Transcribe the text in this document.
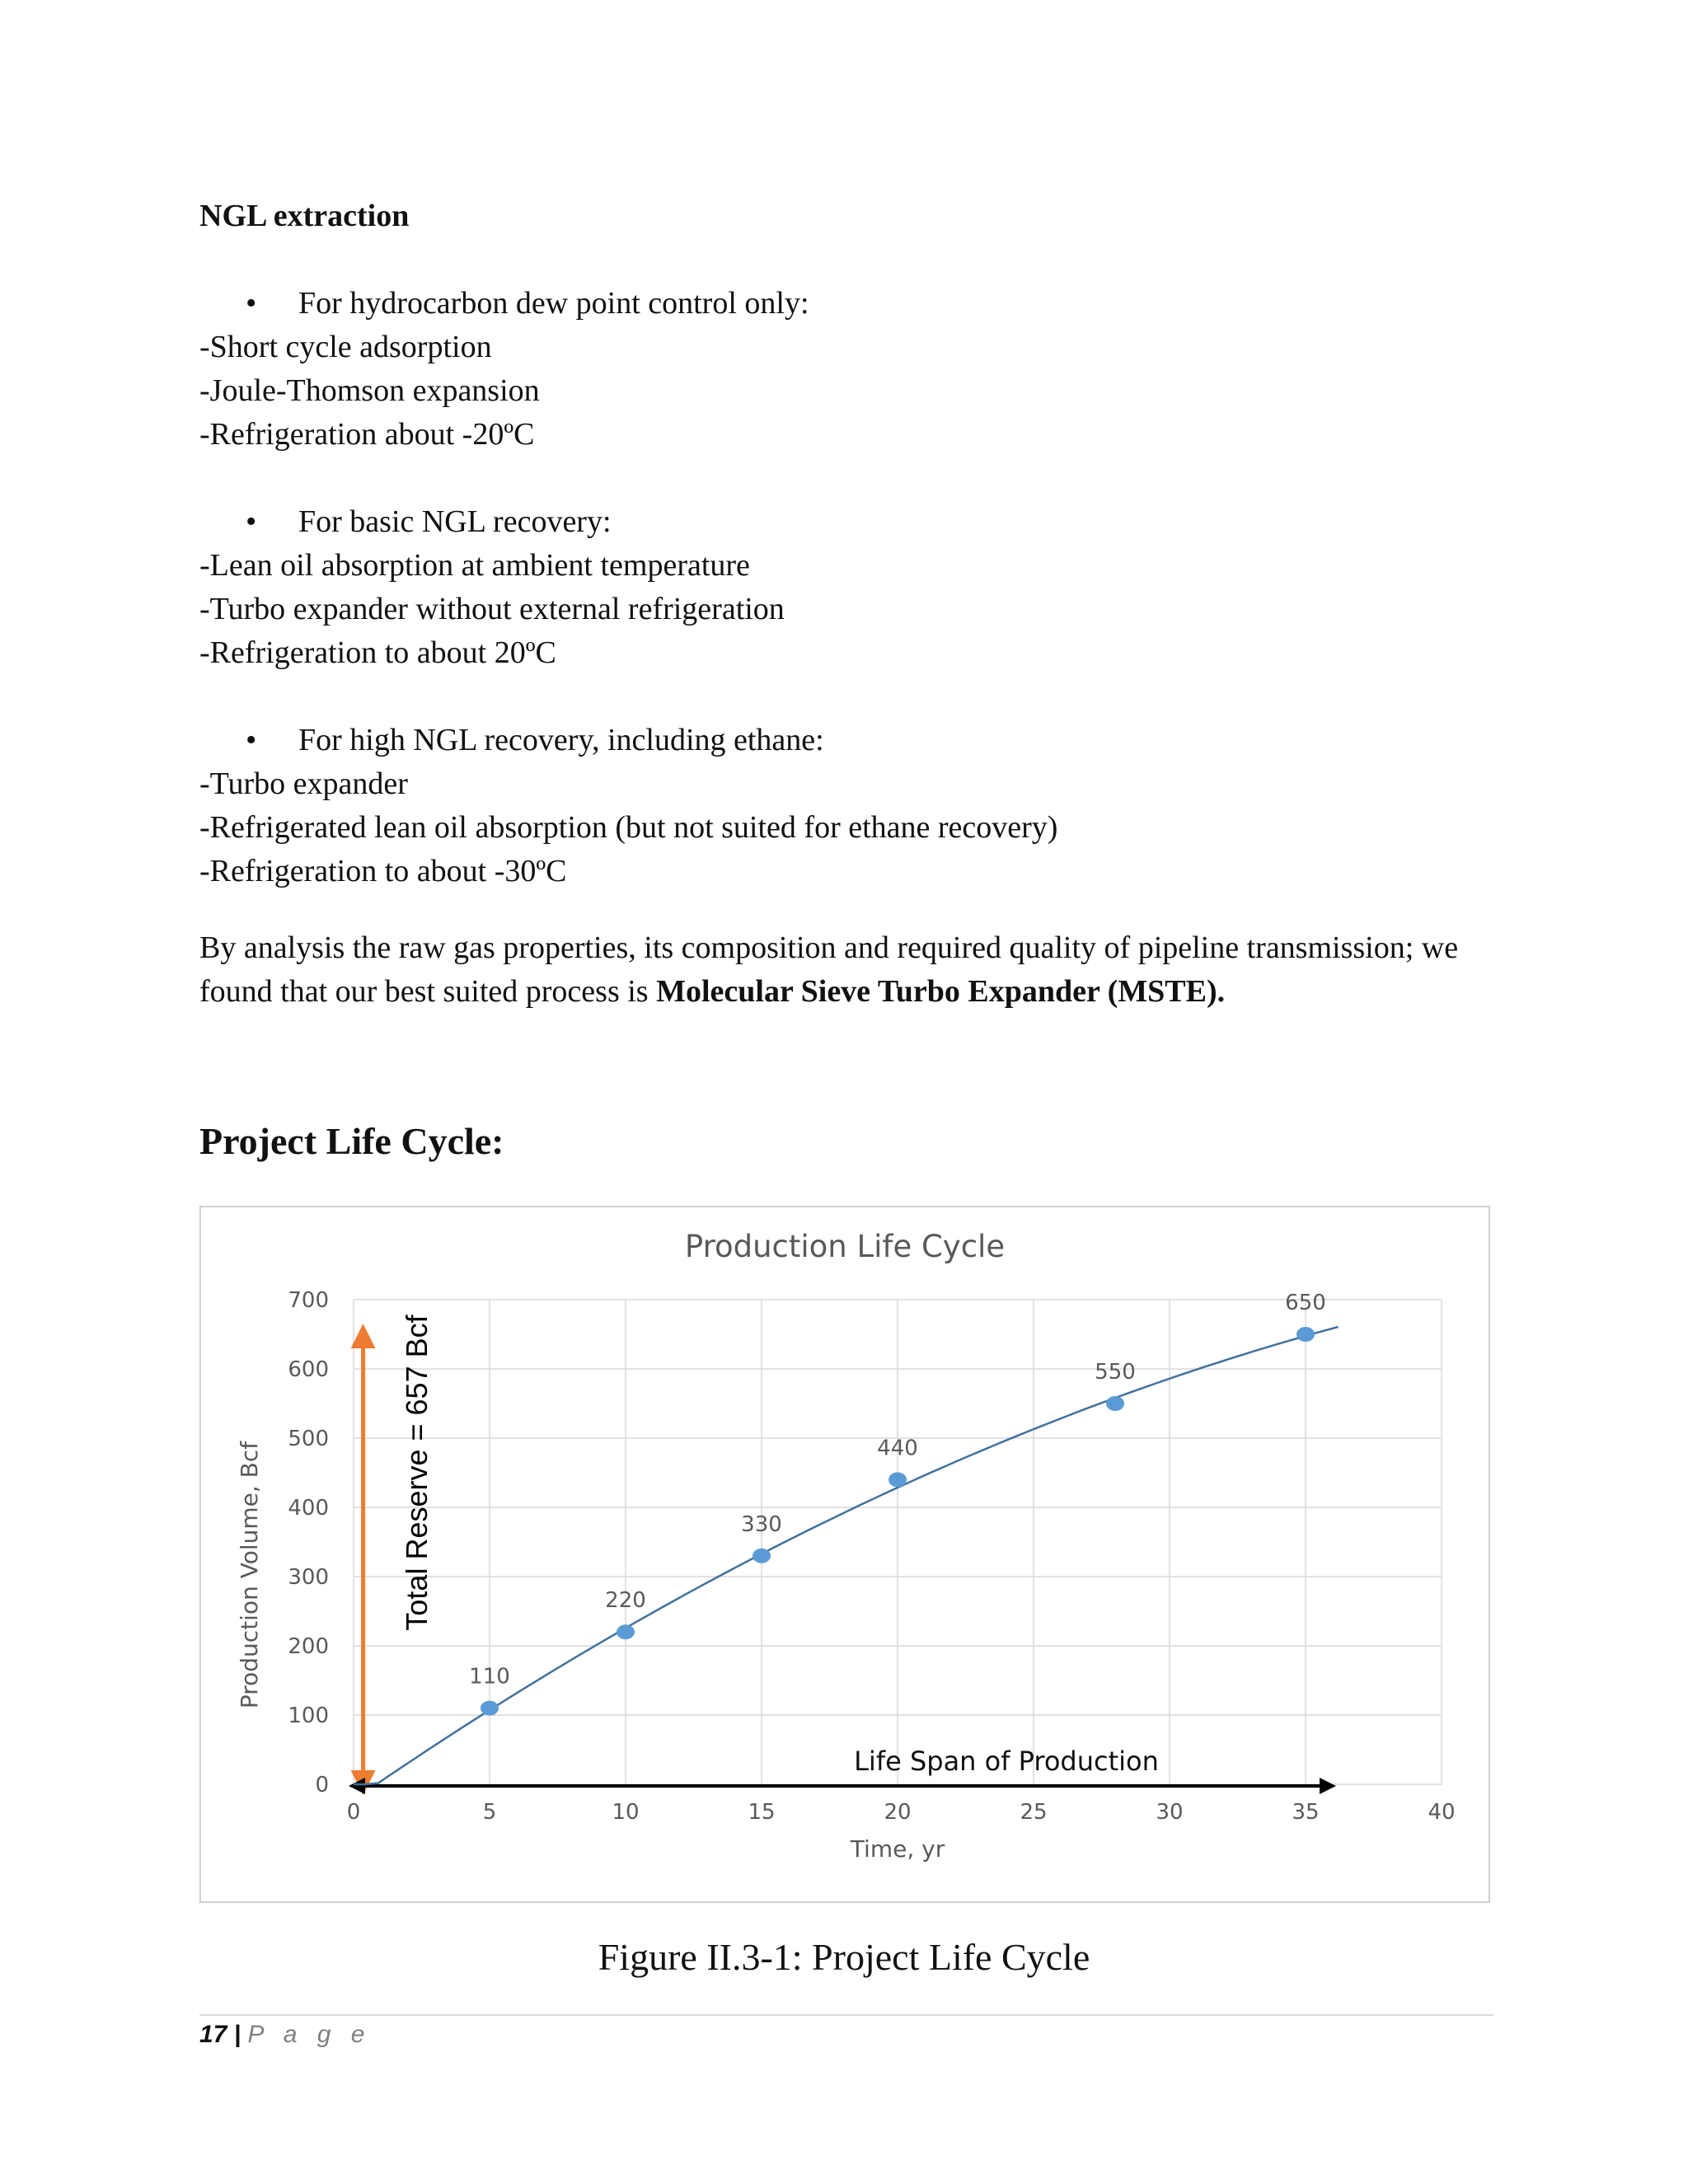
NGL extraction
• For hydrocarbon dew point control only:
-Short cycle adsorption
-Joule-Thomson expansion
-Refrigeration about -20ºC
• For basic NGL recovery:
-Lean oil absorption at ambient temperature
-Turbo expander without external refrigeration
-Refrigeration to about 20ºC
• For high NGL recovery, including ethane:
-Turbo expander
-Refrigerated lean oil absorption (but not suited for ethane recovery)
-Refrigeration to about -30ºC
By analysis the raw gas properties, its composition and required quality of pipeline transmission; we found that our best suited process is Molecular Sieve Turbo Expander (MSTE).
Project Life Cycle:
Production Life Cycle
0
100
200
300
400
500
600
700
0	5	10	15	20	25	30	35	40
Production Volume, Bcf
Time, yr
Total Reserve = 657 Bcf
Life Span of Production
110
220
330
440
550
650
Figure II.3-1: Project Life Cycle
17 | P a g e
